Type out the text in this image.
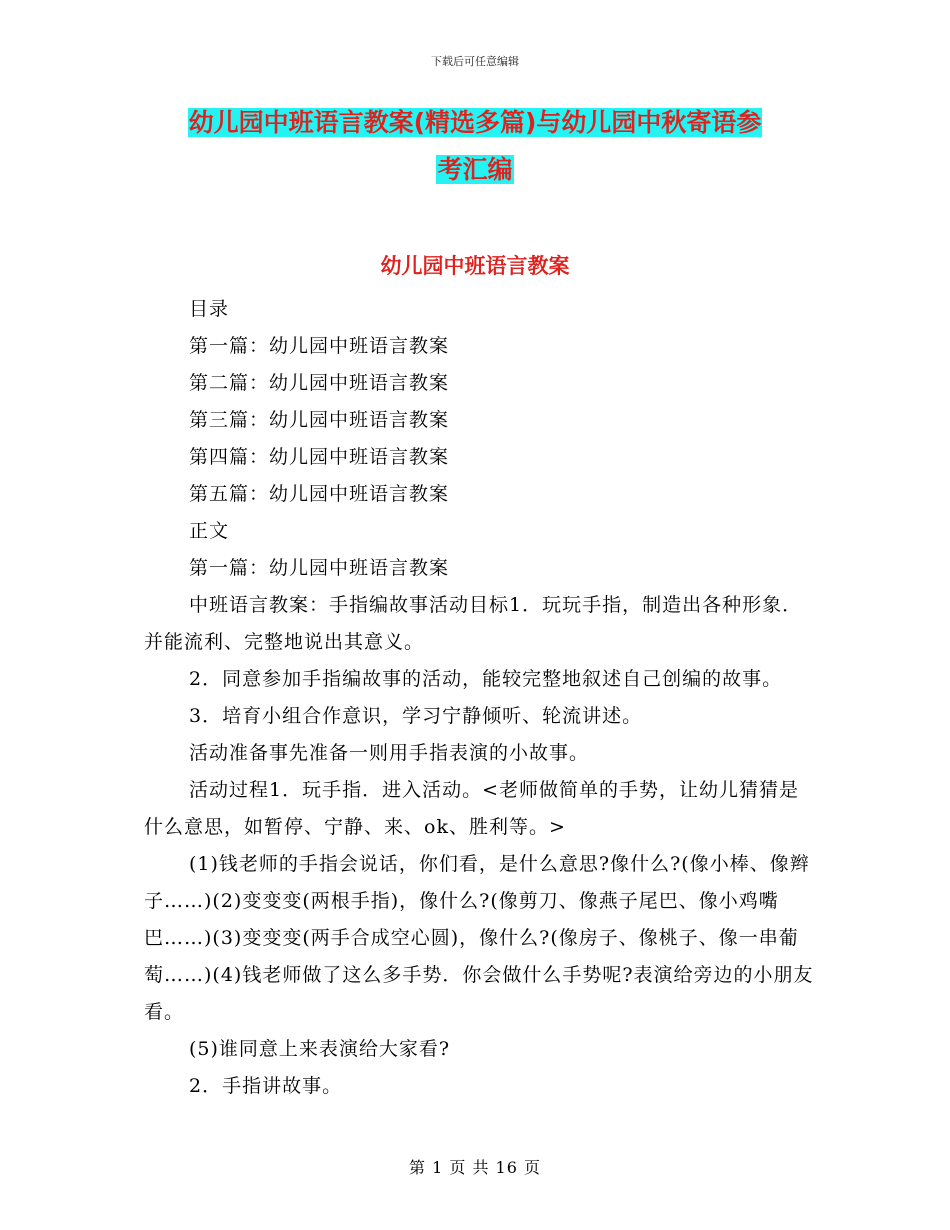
下载后可任意编辑
幼儿园中班语言教案(精选多篇)与幼儿园中秋寄语参
考汇编
幼儿园中班语言教案

目录

第一篇：幼儿园中班语言教案

第二篇：幼儿园中班语言教案

第三篇：幼儿园中班语言教案

第四篇：幼儿园中班语言教案

第五篇：幼儿园中班语言教案

正文

第一篇：幼儿园中班语言教案

中班语言教案：手指编故事活动目标1．玩玩手指，制造出各种形象．并能流利、完整地说出其意义。

2．同意参加手指编故事的活动，能较完整地叙述自己创编的故事。

3．培育小组合作意识，学习宁静倾听、轮流讲述。

活动准备事先准备一则用手指表演的小故事。

活动过程1．玩手指．进入活动。<老师做简单的手势，让幼儿猜猜是什么意思，如暂停、宁静、来、ok、胜利等。>

(1)钱老师的手指会说话，你们看，是什么意思?像什么?(像小棒、像辫子……)(2)变变变(两根手指)，像什么?(像剪刀、像燕子尾巴、像小鸡嘴巴……)(3)变变变(两手合成空心圆)，像什么?(像房子、像桃子、像一串葡萄……)(4)钱老师做了这么多手势．你会做什么手势呢?表演给旁边的小朋友看。

(5)谁同意上来表演给大家看?

2．手指讲故事。

第 1 页 共 16 页
